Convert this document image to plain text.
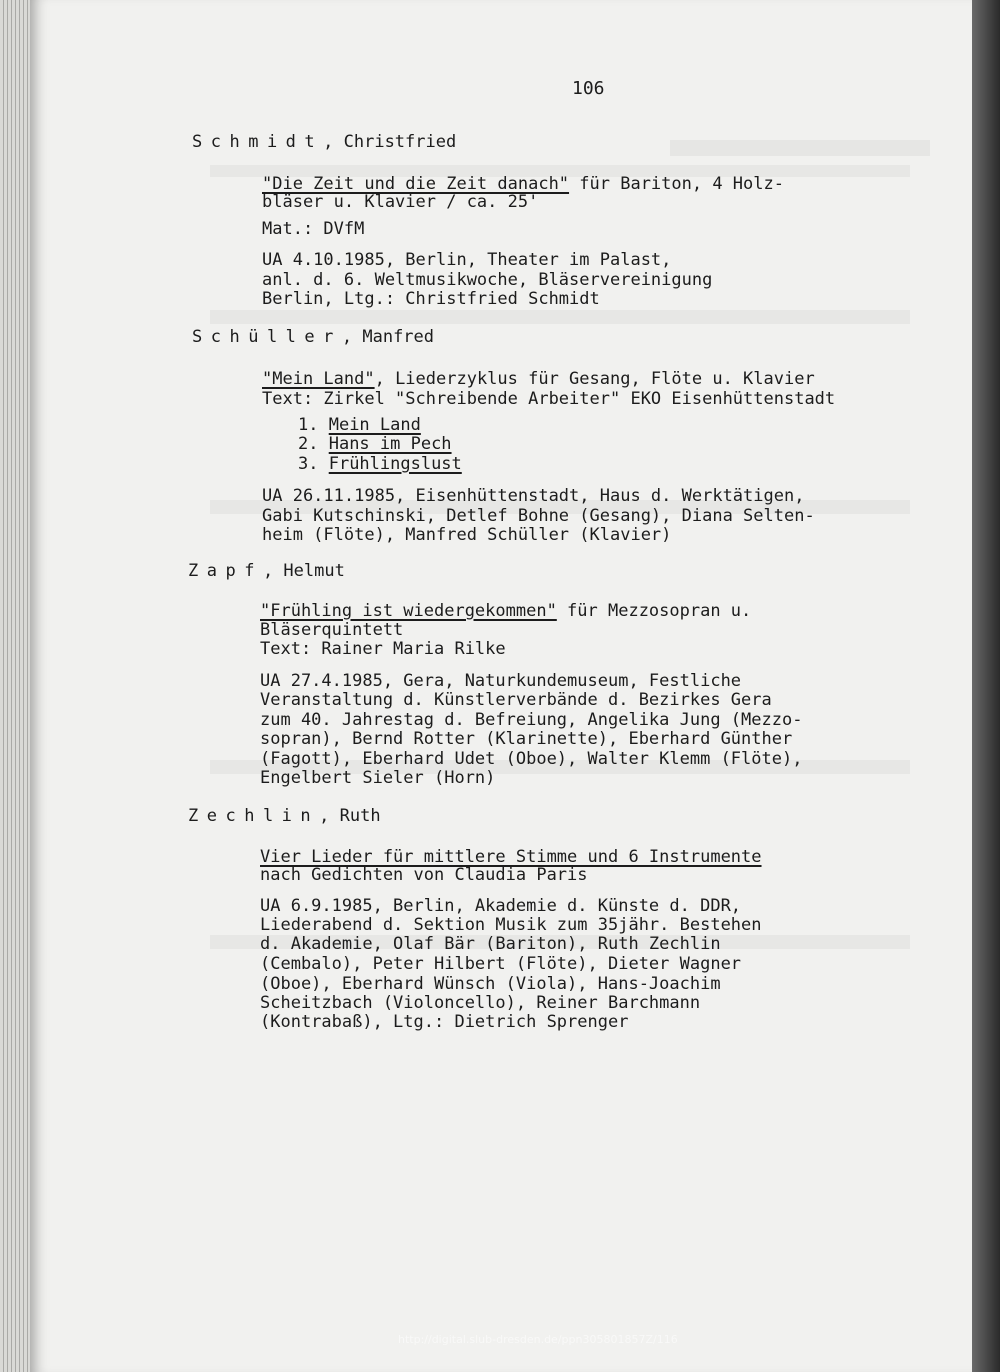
106
Schmidt, Christfried
"Die Zeit und die Zeit danach" für Bariton, 4 Holz-
bläser u. Klavier / ca. 25'
Mat.: DVfM
UA 4.10.1985, Berlin, Theater im Palast,
anl. d. 6. Weltmusikwoche, Bläservereinigung
Berlin, Ltg.: Christfried Schmidt
Schüller, Manfred
"Mein Land", Liederzyklus für Gesang, Flöte u. Klavier
Text: Zirkel "Schreibende Arbeiter" EKO Eisenhüttenstadt
1. Mein Land
2. Hans im Pech
3. Frühlingslust
UA 26.11.1985, Eisenhüttenstadt, Haus d. Werktätigen,
Gabi Kutschinski, Detlef Bohne (Gesang), Diana Selten-
heim (Flöte), Manfred Schüller (Klavier)
Zapf, Helmut
"Frühling ist wiedergekommen" für Mezzosopran u.
Bläserquintett
Text: Rainer Maria Rilke
UA 27.4.1985, Gera, Naturkundemuseum, Festliche
Veranstaltung d. Künstlerverbände d. Bezirkes Gera
zum 40. Jahrestag d. Befreiung, Angelika Jung (Mezzo-
sopran), Bernd Rotter (Klarinette), Eberhard Günther
(Fagott), Eberhard Udet (Oboe), Walter Klemm (Flöte),
Engelbert Sieler (Horn)
Zechlin, Ruth
Vier Lieder für mittlere Stimme und 6 Instrumente
nach Gedichten von Claudia Paris
UA 6.9.1985, Berlin, Akademie d. Künste d. DDR,
Liederabend d. Sektion Musik zum 35jähr. Bestehen
d. Akademie, Olaf Bär (Bariton), Ruth Zechlin
(Cembalo), Peter Hilbert (Flöte), Dieter Wagner
(Oboe), Eberhard Wünsch (Viola), Hans-Joachim
Scheitzbach (Violoncello), Reiner Barchmann
(Kontrabaß), Ltg.: Dietrich Sprenger
http://digital.slub-dresden.de/ppn305801857Z/116
